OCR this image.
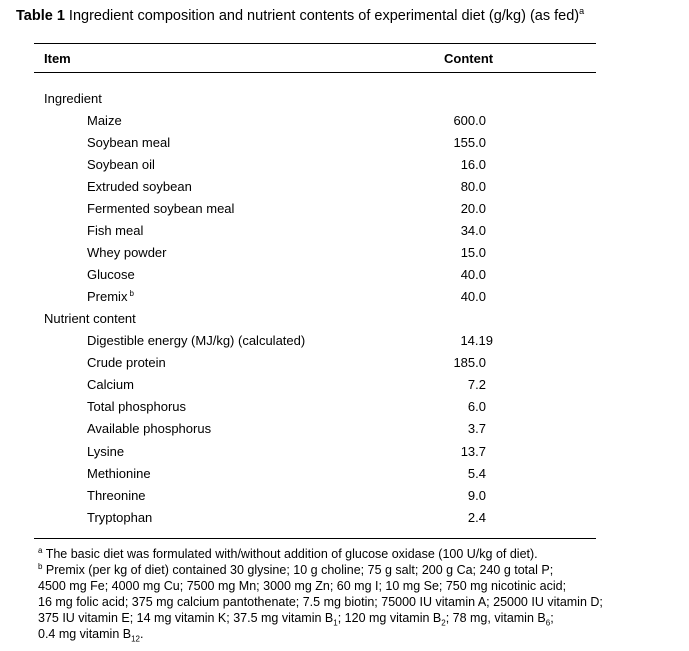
Table 1 Ingredient composition and nutrient contents of experimental diet (g/kg) (as fed)$^a$
Item	Content
Ingredient
Maize	600.0
Soybean meal	155.0
Soybean oil	16.0
Extruded soybean	80.0
Fermented soybean meal	20.0
Fish meal	34.0
Whey powder	15.0
Glucose	40.0
Premix $^b$	40.0
Nutrient content
Digestible energy (MJ/kg) (calculated)	14.19
Crude protein	185.0
Calcium	7.2
Total phosphorus	6.0
Available phosphorus	3.7
Lysine	13.7
Methionine	5.4
Threonine	9.0
Tryptophan	2.4
$^a$ The basic diet was formulated with/without addition of glucose oxidase (100 U/kg of diet).
$^b$ Premix (per kg of diet) contained 30 glysine; 10 g choline; 75 g salt; 200 g Ca; 240 g total P;
4500 mg Fe; 4000 mg Cu; 7500 mg Mn; 3000 mg Zn; 60 mg I; 10 mg Se; 750 mg nicotinic acid;
16 mg folic acid; 375 mg calcium pantothenate; 7.5 mg biotin; 75000 IU vitamin A; 25000 IU vitamin D;
375 IU vitamin E; 14 mg vitamin K; 37.5 mg vitamin $B_1$; 120 mg vitamin $B_2$; 78 mg, vitamin $B_6$;
0.4 mg vitamin $B_{12}$.
